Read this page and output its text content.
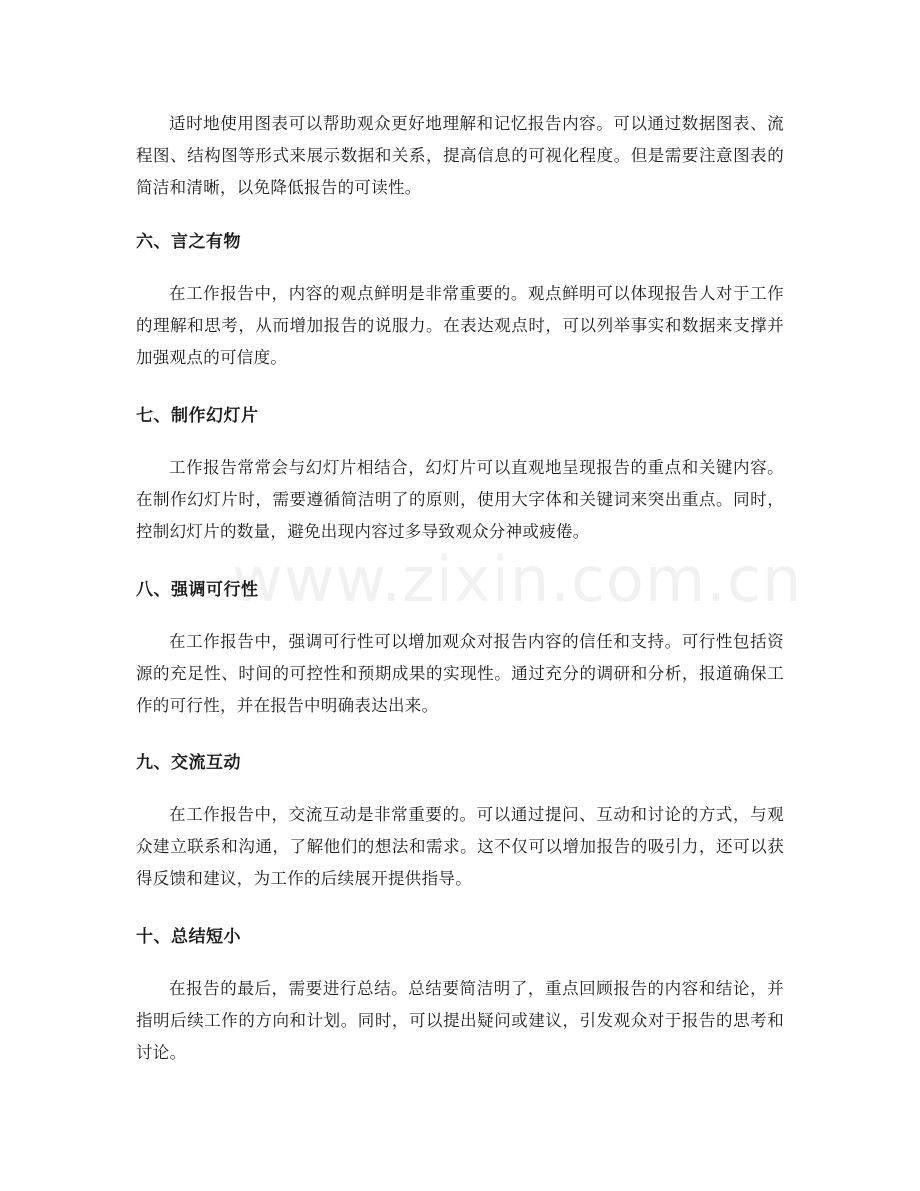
适时地使用图表可以帮助观众更好地理解和记忆报告内容。可以通过数据图表、流程图、结构图等形式来展示数据和关系，提高信息的可视化程度。但是需要注意图表的简洁和清晰，以免降低报告的可读性。

六、言之有物

在工作报告中，内容的观点鲜明是非常重要的。观点鲜明可以体现报告人对于工作的理解和思考，从而增加报告的说服力。在表达观点时，可以列举事实和数据来支撑并加强观点的可信度。

七、制作幻灯片

工作报告常常会与幻灯片相结合，幻灯片可以直观地呈现报告的重点和关键内容。在制作幻灯片时，需要遵循简洁明了的原则，使用大字体和关键词来突出重点。同时，控制幻灯片的数量，避免出现内容过多导致观众分神或疲倦。

八、强调可行性

在工作报告中，强调可行性可以增加观众对报告内容的信任和支持。可行性包括资源的充足性、时间的可控性和预期成果的实现性。通过充分的调研和分析，报道确保工作的可行性，并在报告中明确表达出来。

九、交流互动

在工作报告中，交流互动是非常重要的。可以通过提问、互动和讨论的方式，与观众建立联系和沟通，了解他们的想法和需求。这不仅可以增加报告的吸引力，还可以获得反馈和建议，为工作的后续展开提供指导。

十、总结短小

在报告的最后，需要进行总结。总结要简洁明了，重点回顾报告的内容和结论，并指明后续工作的方向和计划。同时，可以提出疑问或建议，引发观众对于报告的思考和讨论。

www.zixin.com.cn
